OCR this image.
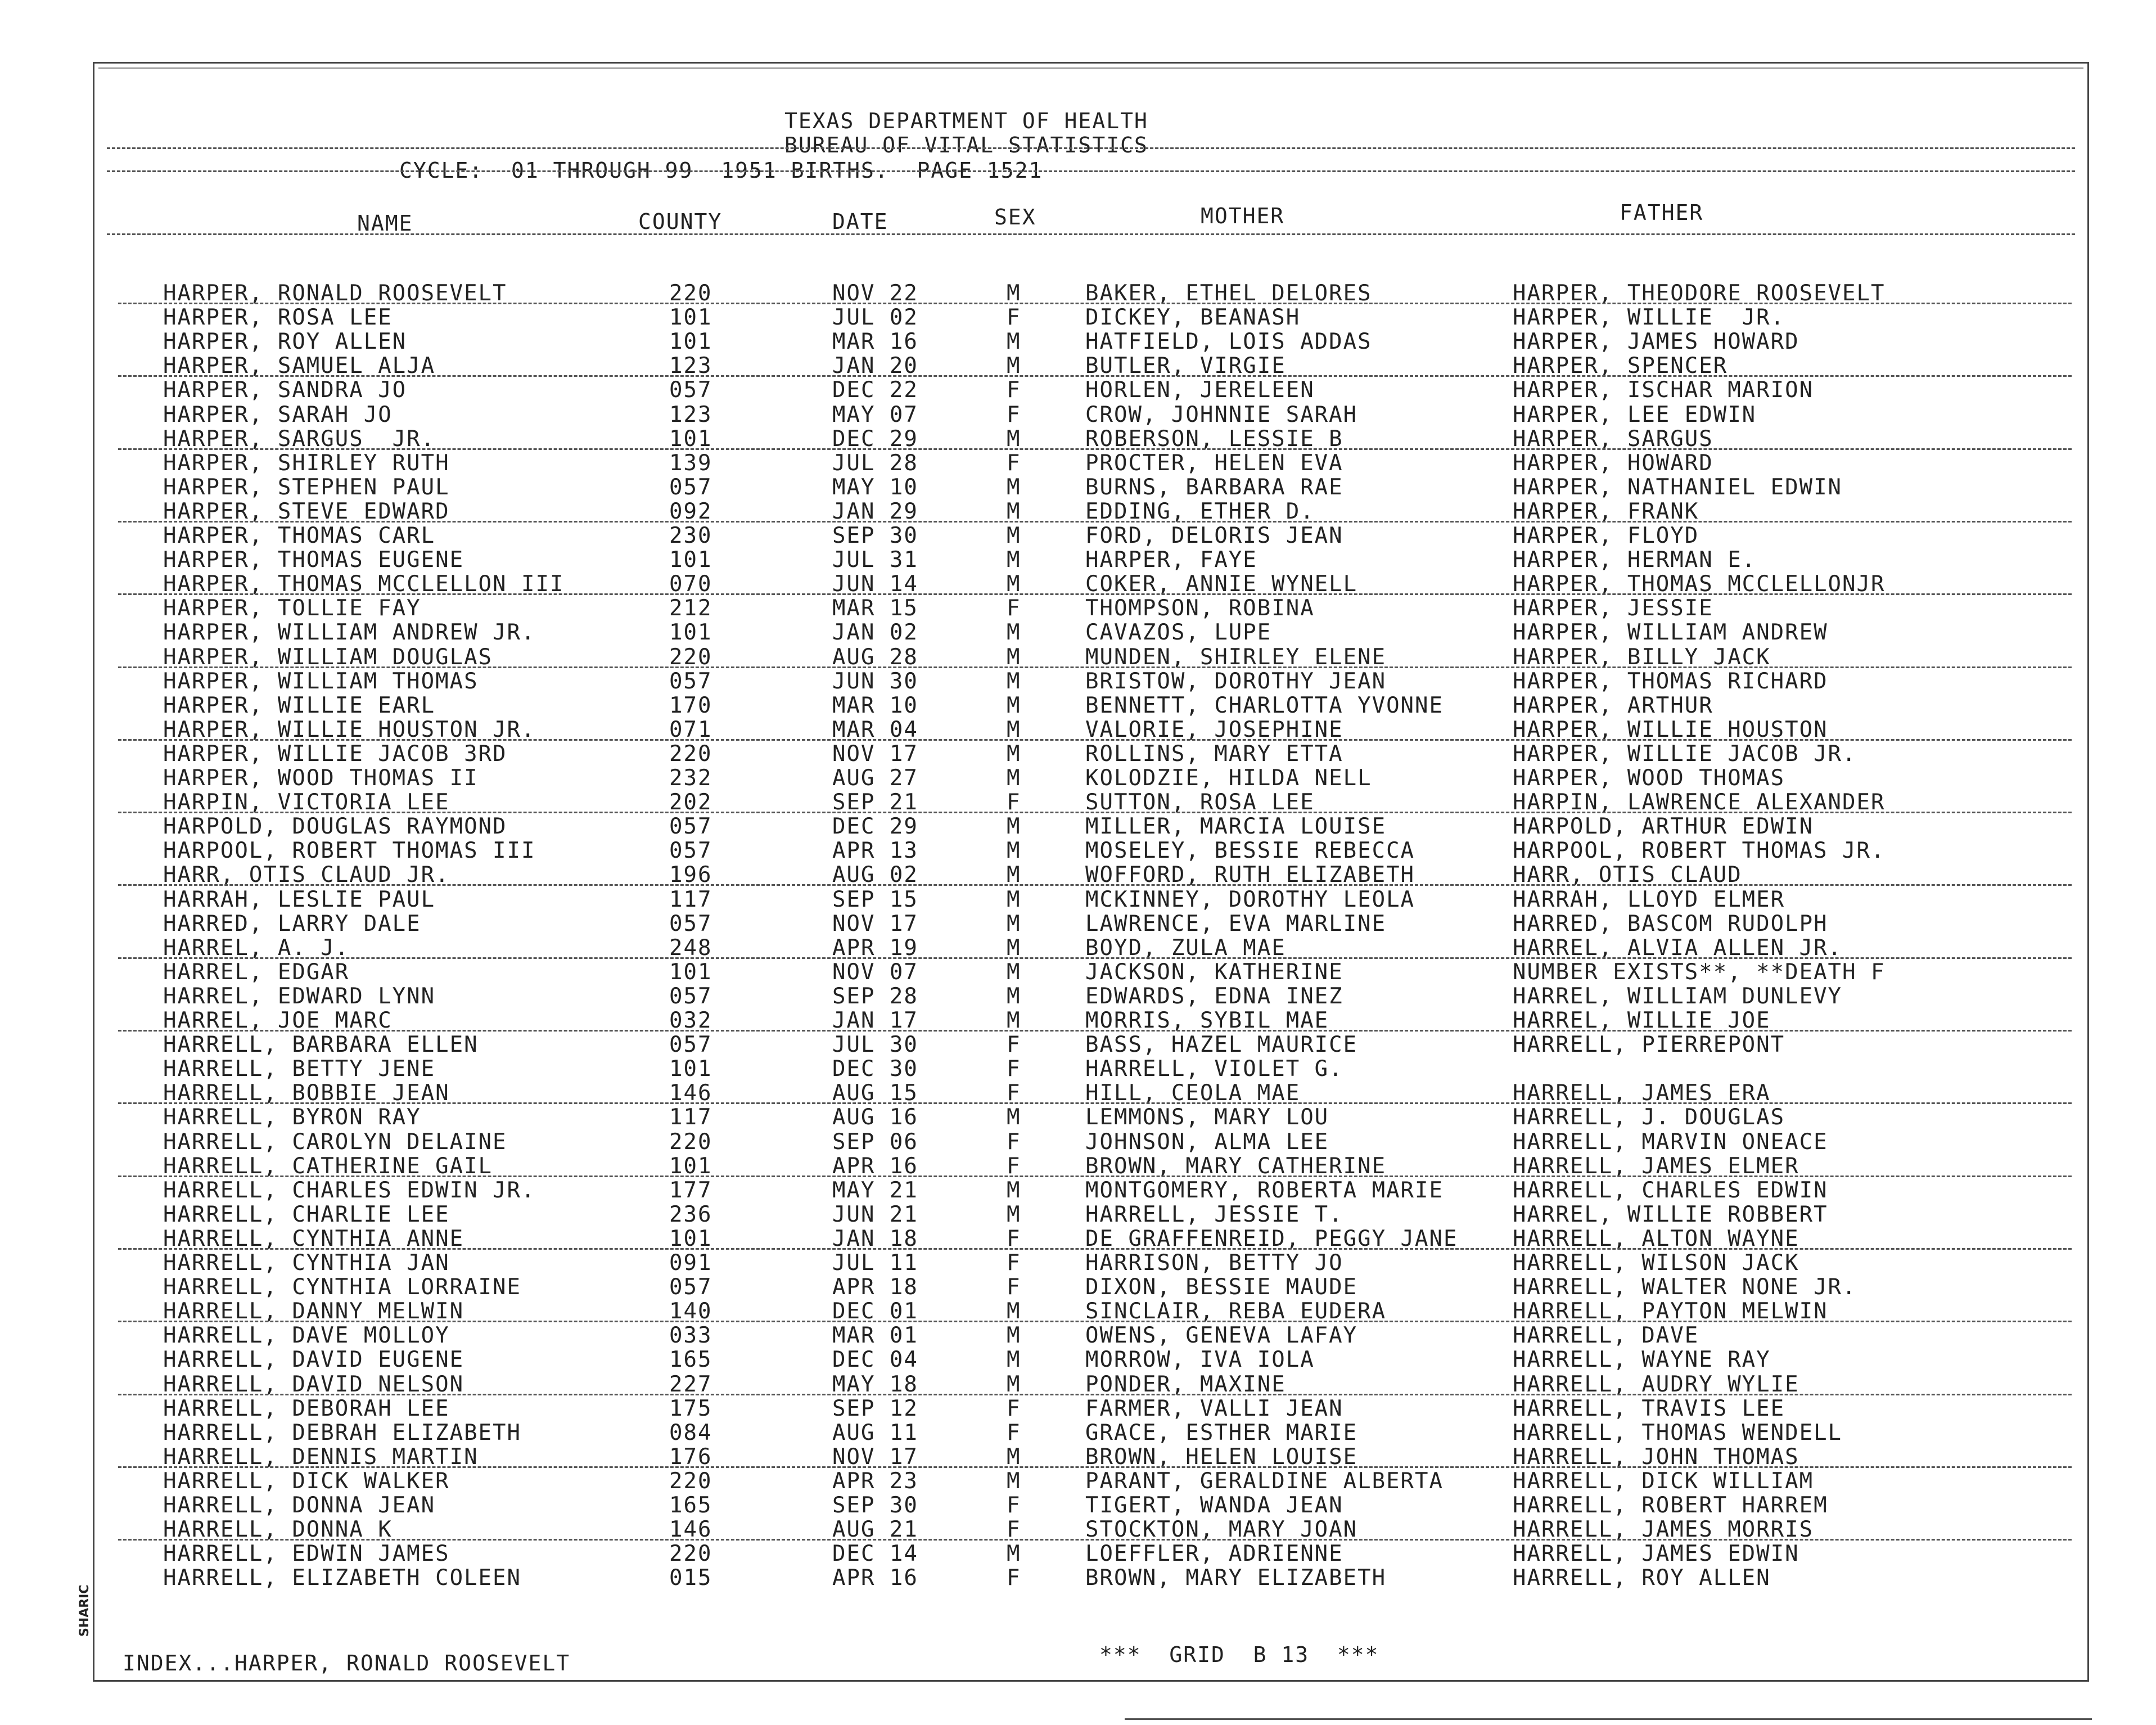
TEXAS DEPARTMENT OF HEALTH
BUREAU OF VITAL STATISTICS
CYCLE:  01 THROUGH 99  1951 BIRTHS.  PAGE 1521
NAME	COUNTY	DATE	SEX	MOTHER	FATHER
HARPER, RONALD ROOSEVELT	220	NOV 22	M	BAKER, ETHEL DELORES	HARPER, THEODORE ROOSEVELT
HARPER, ROSA LEE	101	JUL 02	F	DICKEY, BEANASH	HARPER, WILLIE  JR.
HARPER, ROY ALLEN	101	MAR 16	M	HATFIELD, LOIS ADDAS	HARPER, JAMES HOWARD
HARPER, SAMUEL ALJA	123	JAN 20	M	BUTLER, VIRGIE	HARPER, SPENCER
HARPER, SANDRA JO	057	DEC 22	F	HORLEN, JERELEEN	HARPER, ISCHAR MARION
HARPER, SARAH JO	123	MAY 07	F	CROW, JOHNNIE SARAH	HARPER, LEE EDWIN
HARPER, SARGUS  JR.	101	DEC 29	M	ROBERSON, LESSIE B	HARPER, SARGUS
HARPER, SHIRLEY RUTH	139	JUL 28	F	PROCTER, HELEN EVA	HARPER, HOWARD
HARPER, STEPHEN PAUL	057	MAY 10	M	BURNS, BARBARA RAE	HARPER, NATHANIEL EDWIN
HARPER, STEVE EDWARD	092	JAN 29	M	EDDING, ETHER D.	HARPER, FRANK
HARPER, THOMAS CARL	230	SEP 30	M	FORD, DELORIS JEAN	HARPER, FLOYD
HARPER, THOMAS EUGENE	101	JUL 31	M	HARPER, FAYE	HARPER, HERMAN E.
HARPER, THOMAS MCCLELLON III	070	JUN 14	M	COKER, ANNIE WYNELL	HARPER, THOMAS MCCLELLONJR
HARPER, TOLLIE FAY	212	MAR 15	F	THOMPSON, ROBINA	HARPER, JESSIE
HARPER, WILLIAM ANDREW JR.	101	JAN 02	M	CAVAZOS, LUPE	HARPER, WILLIAM ANDREW
HARPER, WILLIAM DOUGLAS	220	AUG 28	M	MUNDEN, SHIRLEY ELENE	HARPER, BILLY JACK
HARPER, WILLIAM THOMAS	057	JUN 30	M	BRISTOW, DOROTHY JEAN	HARPER, THOMAS RICHARD
HARPER, WILLIE EARL	170	MAR 10	M	BENNETT, CHARLOTTA YVONNE	HARPER, ARTHUR
HARPER, WILLIE HOUSTON JR.	071	MAR 04	M	VALORIE, JOSEPHINE	HARPER, WILLIE HOUSTON
HARPER, WILLIE JACOB 3RD	220	NOV 17	M	ROLLINS, MARY ETTA	HARPER, WILLIE JACOB JR.
HARPER, WOOD THOMAS II	232	AUG 27	M	KOLODZIE, HILDA NELL	HARPER, WOOD THOMAS
HARPIN, VICTORIA LEE	202	SEP 21	F	SUTTON, ROSA LEE	HARPIN, LAWRENCE ALEXANDER
HARPOLD, DOUGLAS RAYMOND	057	DEC 29	M	MILLER, MARCIA LOUISE	HARPOLD, ARTHUR EDWIN
HARPOOL, ROBERT THOMAS III	057	APR 13	M	MOSELEY, BESSIE REBECCA	HARPOOL, ROBERT THOMAS JR.
HARR, OTIS CLAUD JR.	196	AUG 02	M	WOFFORD, RUTH ELIZABETH	HARR, OTIS CLAUD
HARRAH, LESLIE PAUL	117	SEP 15	M	MCKINNEY, DOROTHY LEOLA	HARRAH, LLOYD ELMER
HARRED, LARRY DALE	057	NOV 17	M	LAWRENCE, EVA MARLINE	HARRED, BASCOM RUDOLPH
HARREL, A. J.	248	APR 19	M	BOYD, ZULA MAE	HARREL, ALVIA ALLEN JR.
HARREL, EDGAR	101	NOV 07	M	JACKSON, KATHERINE	NUMBER EXISTS**, **DEATH F
HARREL, EDWARD LYNN	057	SEP 28	M	EDWARDS, EDNA INEZ	HARREL, WILLIAM DUNLEVY
HARREL, JOE MARC	032	JAN 17	M	MORRIS, SYBIL MAE	HARREL, WILLIE JOE
HARRELL, BARBARA ELLEN	057	JUL 30	F	BASS, HAZEL MAURICE	HARRELL, PIERREPONT
HARRELL, BETTY JENE	101	DEC 30	F	HARRELL, VIOLET G.
HARRELL, BOBBIE JEAN	146	AUG 15	F	HILL, CEOLA MAE	HARRELL, JAMES ERA
HARRELL, BYRON RAY	117	AUG 16	M	LEMMONS, MARY LOU	HARRELL, J. DOUGLAS
HARRELL, CAROLYN DELAINE	220	SEP 06	F	JOHNSON, ALMA LEE	HARRELL, MARVIN ONEACE
HARRELL, CATHERINE GAIL	101	APR 16	F	BROWN, MARY CATHERINE	HARRELL, JAMES ELMER
HARRELL, CHARLES EDWIN JR.	177	MAY 21	M	MONTGOMERY, ROBERTA MARIE	HARRELL, CHARLES EDWIN
HARRELL, CHARLIE LEE	236	JUN 21	M	HARRELL, JESSIE T.	HARREL, WILLIE ROBBERT
HARRELL, CYNTHIA ANNE	101	JAN 18	F	DE GRAFFENREID, PEGGY JANE	HARRELL, ALTON WAYNE
HARRELL, CYNTHIA JAN	091	JUL 11	F	HARRISON, BETTY JO	HARRELL, WILSON JACK
HARRELL, CYNTHIA LORRAINE	057	APR 18	F	DIXON, BESSIE MAUDE	HARRELL, WALTER NONE JR.
HARRELL, DANNY MELWIN	140	DEC 01	M	SINCLAIR, REBA EUDERA	HARRELL, PAYTON MELWIN
HARRELL, DAVE MOLLOY	033	MAR 01	M	OWENS, GENEVA LAFAY	HARRELL, DAVE
HARRELL, DAVID EUGENE	165	DEC 04	M	MORROW, IVA IOLA	HARRELL, WAYNE RAY
HARRELL, DAVID NELSON	227	MAY 18	M	PONDER, MAXINE	HARRELL, AUDRY WYLIE
HARRELL, DEBORAH LEE	175	SEP 12	F	FARMER, VALLI JEAN	HARRELL, TRAVIS LEE
HARRELL, DEBRAH ELIZABETH	084	AUG 11	F	GRACE, ESTHER MARIE	HARRELL, THOMAS WENDELL
HARRELL, DENNIS MARTIN	176	NOV 17	M	BROWN, HELEN LOUISE	HARRELL, JOHN THOMAS
HARRELL, DICK WALKER	220	APR 23	M	PARANT, GERALDINE ALBERTA	HARRELL, DICK WILLIAM
HARRELL, DONNA JEAN	165	SEP 30	F	TIGERT, WANDA JEAN	HARRELL, ROBERT HARREM
HARRELL, DONNA K	146	AUG 21	F	STOCKTON, MARY JOAN	HARRELL, JAMES MORRIS
HARRELL, EDWIN JAMES	220	DEC 14	M	LOEFFLER, ADRIENNE	HARRELL, JAMES EDWIN
HARRELL, ELIZABETH COLEEN	015	APR 16	F	BROWN, MARY ELIZABETH	HARRELL, ROY ALLEN
INDEX...HARPER, RONALD ROOSEVELT	***  GRID  B 13  ***
SHARIC
